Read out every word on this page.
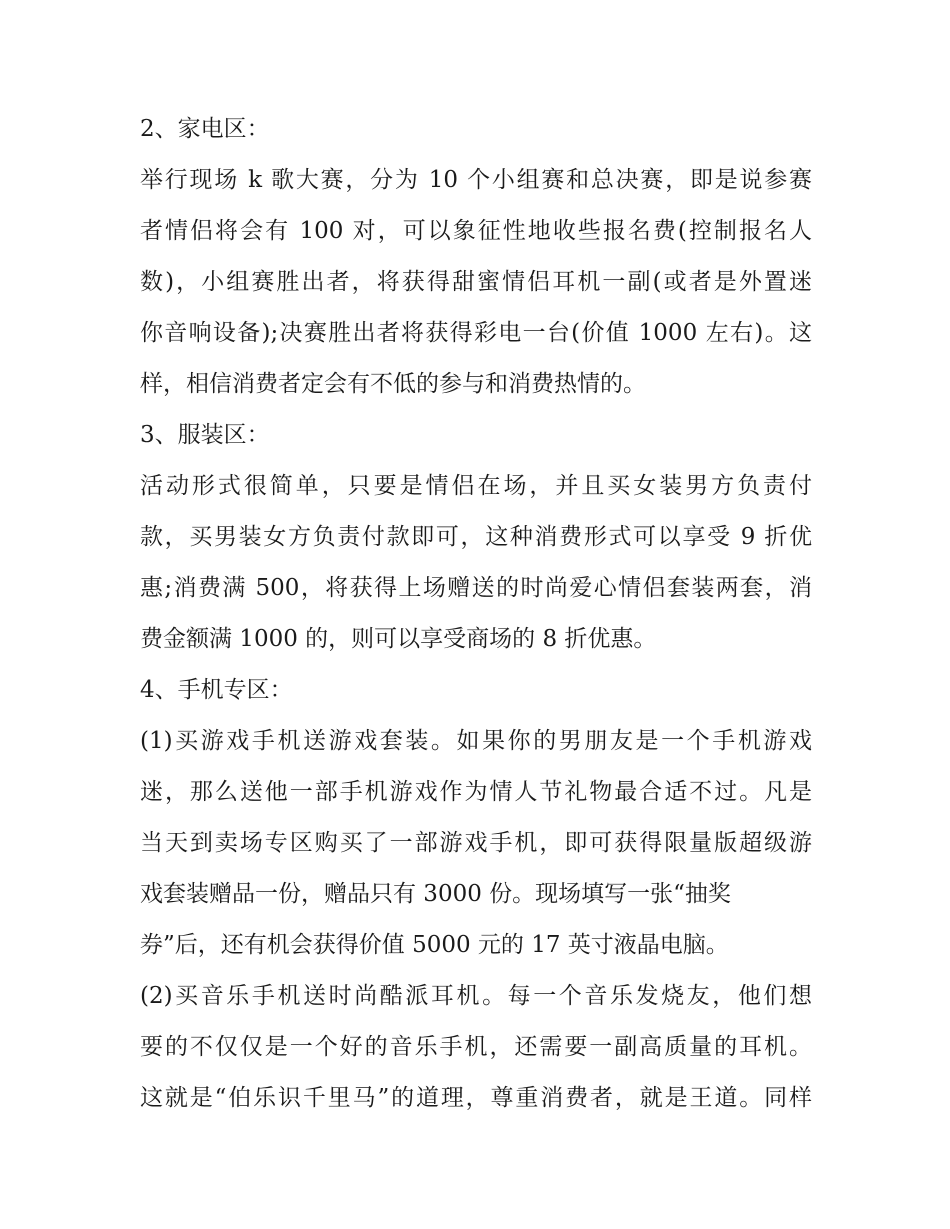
2、家电区：
举行现场 k 歌大赛，分为 10 个小组赛和总决赛，即是说参赛
者情侣将会有 100 对，可以象征性地收些报名费(控制报名人
数)，小组赛胜出者，将获得甜蜜情侣耳机一副(或者是外置迷
你音响设备);决赛胜出者将获得彩电一台(价值 1000 左右)。这
样，相信消费者定会有不低的参与和消费热情的。
3、服装区：
活动形式很简单，只要是情侣在场，并且买女装男方负责付
款，买男装女方负责付款即可，这种消费形式可以享受 9 折优
惠;消费满 500，将获得上场赠送的时尚爱心情侣套装两套，消
费金额满 1000 的，则可以享受商场的 8 折优惠。
4、手机专区：
(1)买游戏手机送游戏套装。如果你的男朋友是一个手机游戏
迷，那么送他一部手机游戏作为情人节礼物最合适不过。凡是
当天到卖场专区购买了一部游戏手机，即可获得限量版超级游
戏套装赠品一份，赠品只有 3000 份。现场填写一张“抽奖
券”后，还有机会获得价值 5000 元的 17 英寸液晶电脑。
(2)买音乐手机送时尚酷派耳机。每一个音乐发烧友，他们想
要的不仅仅是一个好的音乐手机，还需要一副高质量的耳机。
这就是“伯乐识千里马”的道理，尊重消费者，就是王道。同样
